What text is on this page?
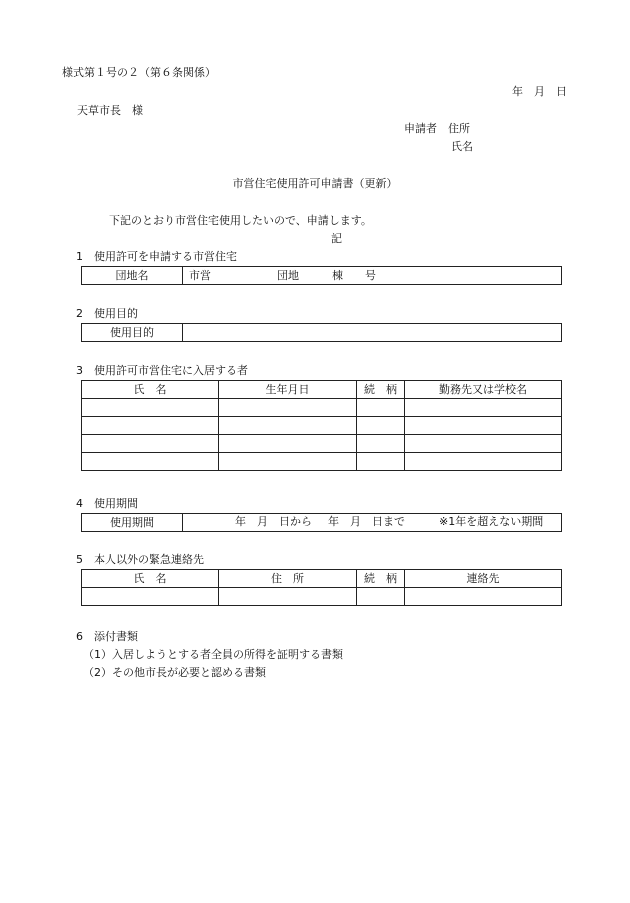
様式第１号の２（第６条関係）
年　月　日
天草市長　様
申請者　住所
氏名
市営住宅使用許可申請書（更新）
下記のとおり市営住宅使用したいので、申請します。
記
1　使用許可を申請する市営住宅
団地名	市営　　　　　　団地　　　棟　　号
2　使用目的
使用目的	
3　使用許可市営住宅に入居する者
氏　名	生年月日	続　柄	勤務先又は学校名

4　使用期間
使用期間	年　月　日から 年　月　日まで	※1年を超えない期間
5　本人以外の緊急連絡先
氏　名	住　所	続　柄	連絡先

6　添付書類
（1）入居しようとする者全員の所得を証明する書類
（2）その他市長が必要と認める書類
